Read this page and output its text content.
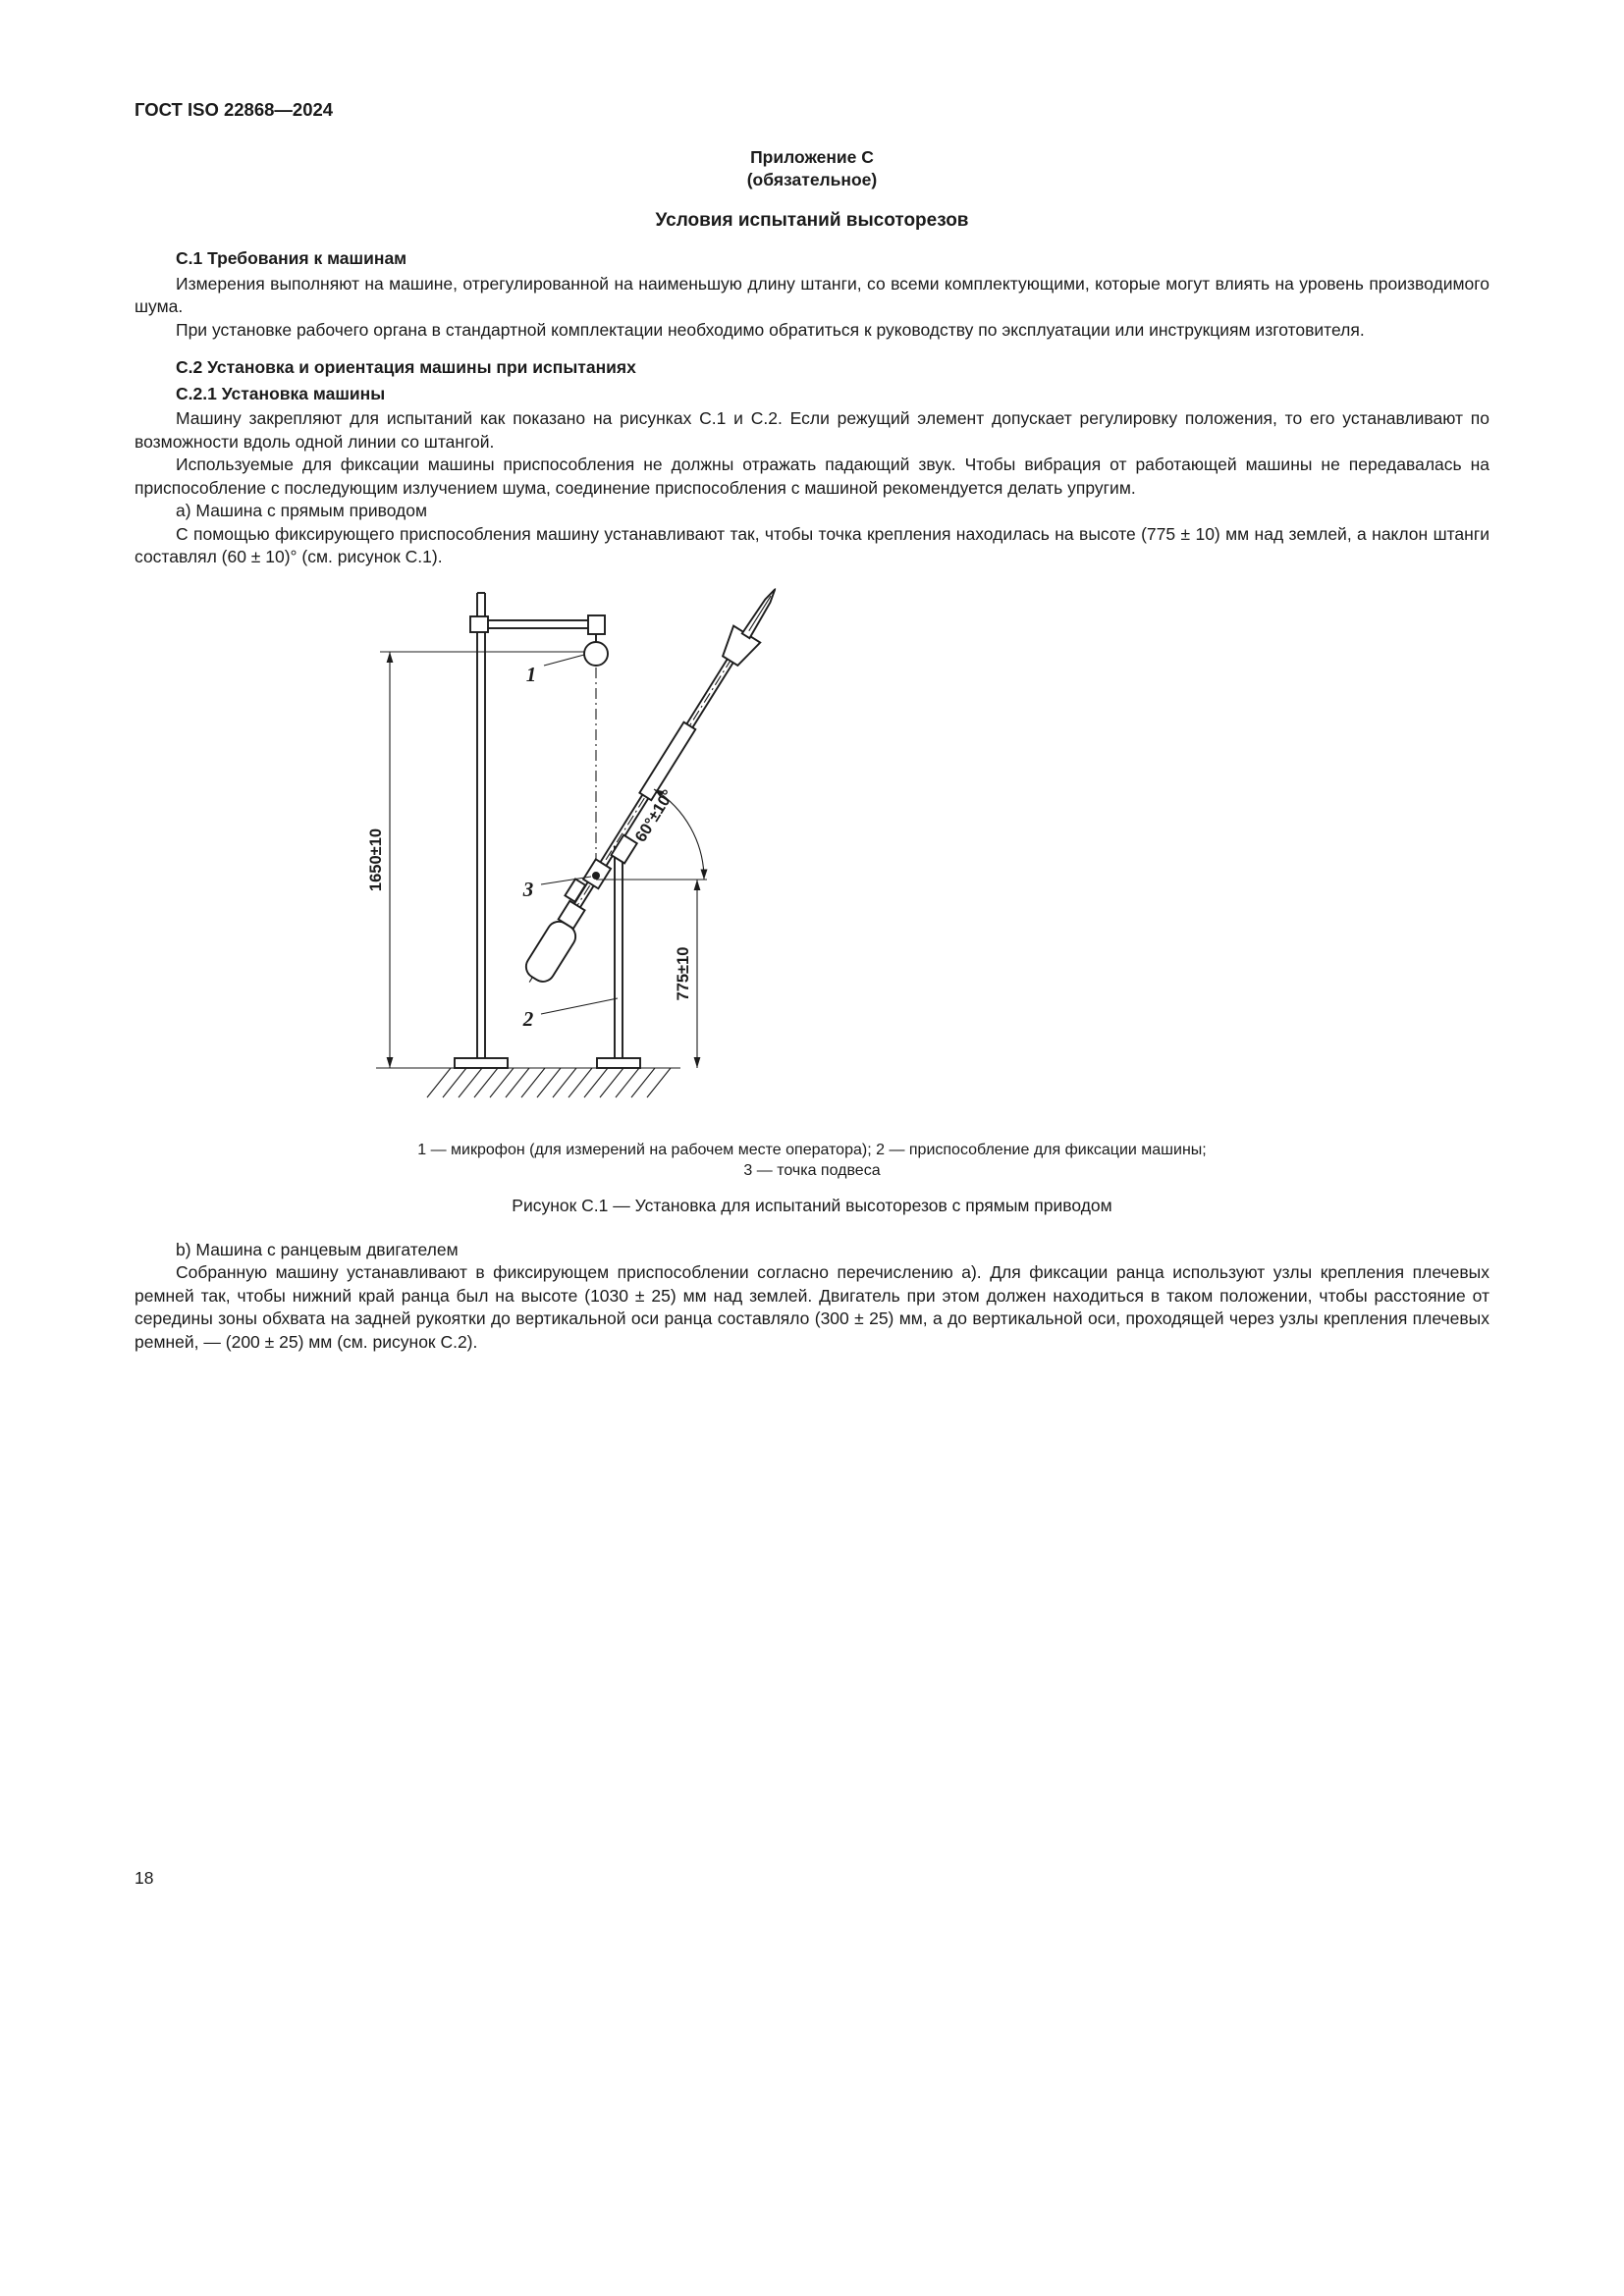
ГОСТ ISO 22868—2024
Приложение С
(обязательное)
Условия испытаний высоторезов
С.1 Требования к машинам

Измерения выполняют на машине, отрегулированной на наименьшую длину штанги, со всеми комплектующими, которые могут влиять на уровень производимого шума.

При установке рабочего органа в стандартной комплектации необходимо обратиться к руководству по эксплуатации или инструкциям изготовителя.

С.2 Установка и ориентация машины при испытаниях
С.2.1 Установка машины

Машину закрепляют для испытаний как показано на рисунках С.1 и С.2. Если режущий элемент допускает регулировку положения, то его устанавливают по возможности вдоль одной линии со штангой.

Используемые для фиксации машины приспособления не должны отражать падающий звук. Чтобы вибрация от работающей машины не передавалась на приспособление с последующим излучением шума, соединение приспособления с машиной рекомендуется делать упругим.

а) Машина с прямым приводом

С помощью фиксирующего приспособления машину устанавливают так, чтобы точка крепления находилась на высоте (775 ± 10) мм над землей, а наклон штанги составлял (60 ± 10)° (см. рисунок С.1).

1650±10
775±10
60°±10°
1
3
2
1 — микрофон (для измерений на рабочем месте оператора); 2 — приспособление для фиксации машины;
3 — точка подвеса
Рисунок С.1 — Установка для испытаний высоторезов с прямым приводом

b) Машина с ранцевым двигателем

Собранную машину устанавливают в фиксирующем приспособлении согласно перечислению а). Для фиксации ранца используют узлы крепления плечевых ремней так, чтобы нижний край ранца был на высоте (1030 ± 25) мм над землей. Двигатель при этом должен находиться в таком положении, чтобы расстояние от середины зоны обхвата на задней рукоятки до вертикальной оси ранца составляло (300 ± 25) мм, а до вертикальной оси, проходящей через узлы крепления плечевых ремней, — (200 ± 25) мм (см. рисунок С.2).

18
